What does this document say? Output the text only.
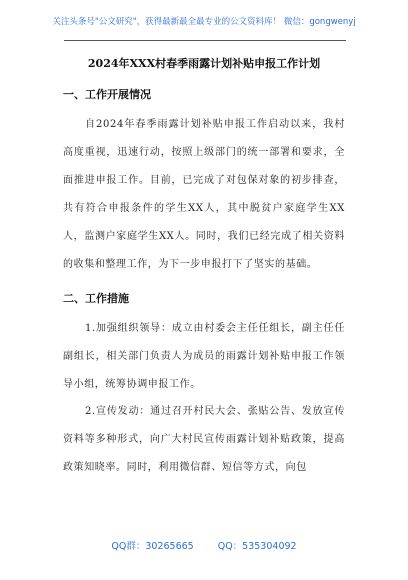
关注头条号"公文研究"，获得最新最全最专业的公文资料库！ 微信：gongwenyj
2024年XXX村春季雨露计划补贴申报工作计划
一、工作开展情况
自2024年春季雨露计划补贴申报工作启动以来，我村高度重视，迅速行动，按照上级部门的统一部署和要求，全面推进申报工作。目前，已完成了对包保对象的初步排查，共有符合申报条件的学生XX人，其中脱贫户家庭学生XX人，监测户家庭学生XX人。同时，我们已经完成了相关资料的收集和整理工作，为下一步申报打下了坚实的基础。
二、工作措施
1.加强组织领导：成立由村委会主任任组长，副主任任副组长，相关部门负责人为成员的雨露计划补贴申报工作领导小组，统筹协调申报工作。
2.宣传发动：通过召开村民大会、张贴公告、发放宣传资料等多种形式，向广大村民宣传雨露计划补贴政策，提高政策知晓率。同时，利用微信群、短信等方式，向包
QQ群：30265665	QQ：535304092
